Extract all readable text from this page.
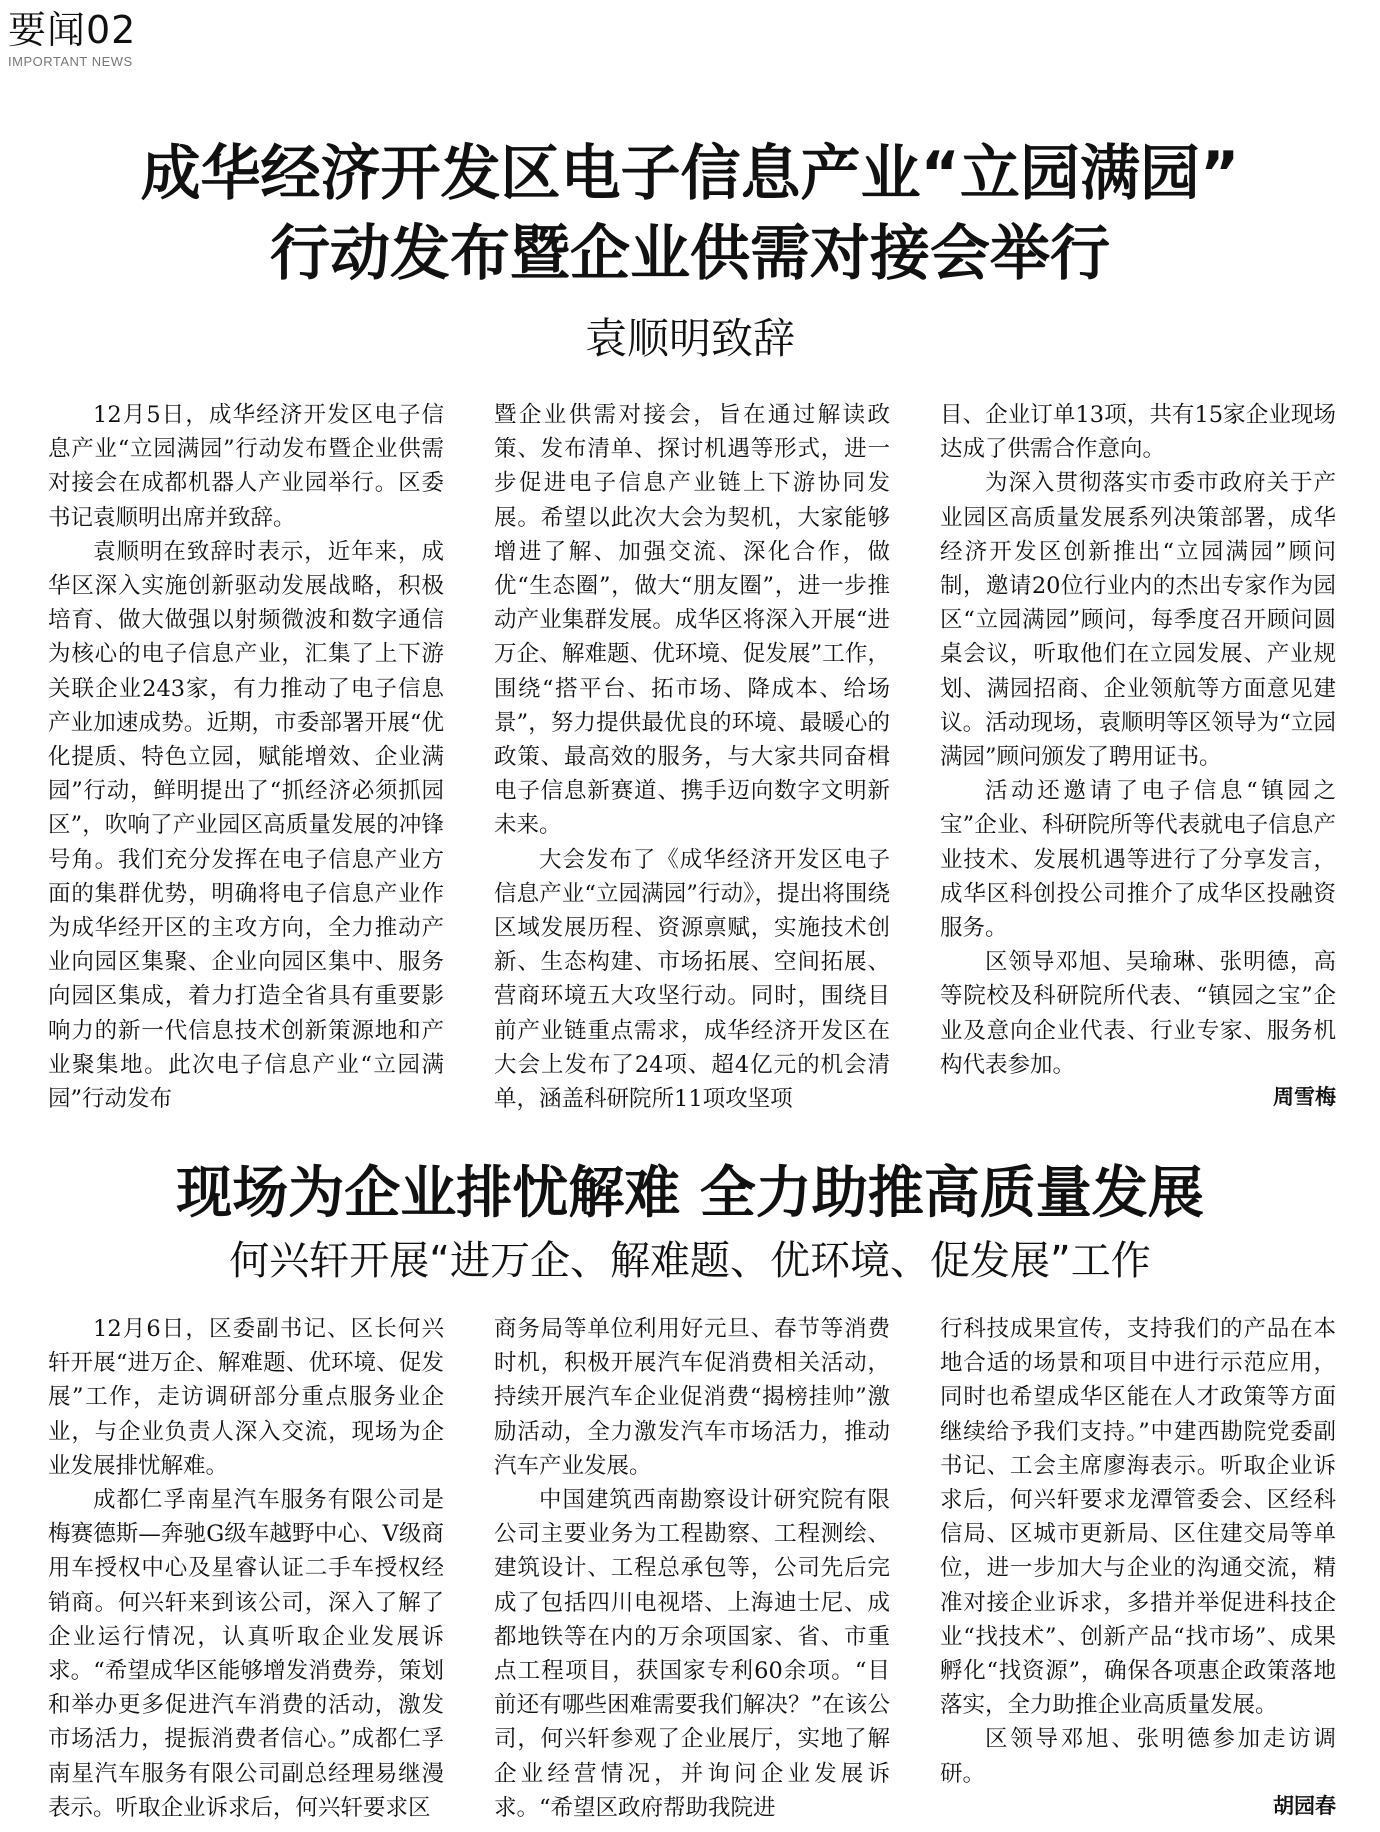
要闻02
IMPORTANT NEWS
成华经济开发区电子信息产业“立园满园”
行动发布暨企业供需对接会举行
袁顺明致辞

12月5日，成华经济开发区电子信息产业“立园满园”行动发布暨企业供需对接会在成都机器人产业园举行。区委书记袁顺明出席并致辞。

袁顺明在致辞时表示，近年来，成华区深入实施创新驱动发展战略，积极培育、做大做强以射频微波和数字通信为核心的电子信息产业，汇集了上下游关联企业243家，有力推动了电子信息产业加速成势。近期，市委部署开展“优化提质、特色立园，赋能增效、企业满园”行动，鲜明提出了“抓经济必须抓园区”，吹响了产业园区高质量发展的冲锋号角。我们充分发挥在电子信息产业方面的集群优势，明确将电子信息产业作为成华经开区的主攻方向，全力推动产业向园区集聚、企业向园区集中、服务向园区集成，着力打造全省具有重要影响力的新一代信息技术创新策源地和产业聚集地。此次电子信息产业“立园满园”行动发布

暨企业供需对接会，旨在通过解读政策、发布清单、探讨机遇等形式，进一步促进电子信息产业链上下游协同发展。希望以此次大会为契机，大家能够增进了解、加强交流、深化合作，做优“生态圈”，做大“朋友圈”，进一步推动产业集群发展。成华区将深入开展“进万企、解难题、优环境、促发展”工作，围绕“搭平台、拓市场、降成本、给场景”，努力提供最优良的环境、最暖心的政策、最高效的服务，与大家共同奋楫电子信息新赛道、携手迈向数字文明新未来。

大会发布了《成华经济开发区电子信息产业“立园满园”行动》，提出将围绕区域发展历程、资源禀赋，实施技术创新、生态构建、市场拓展、空间拓展、营商环境五大攻坚行动。同时，围绕目前产业链重点需求，成华经济开发区在大会上发布了24项、超4亿元的机会清单，涵盖科研院所11项攻坚项

目、企业订单13项，共有15家企业现场达成了供需合作意向。

为深入贯彻落实市委市政府关于产业园区高质量发展系列决策部署，成华经济开发区创新推出“立园满园”顾问制，邀请20位行业内的杰出专家作为园区“立园满园”顾问，每季度召开顾问圆桌会议，听取他们在立园发展、产业规划、满园招商、企业领航等方面意见建议。活动现场，袁顺明等区领导为“立园满园”顾问颁发了聘用证书。

活动还邀请了电子信息“镇园之宝”企业、科研院所等代表就电子信息产业技术、发展机遇等进行了分享发言，成华区科创投公司推介了成华区投融资服务。

区领导邓旭、吴瑜琳、张明德，高等院校及科研院所代表、“镇园之宝”企业及意向企业代表、行业专家、服务机构代表参加。

周雪梅
现场为企业排忧解难 全力助推高质量发展
何兴轩开展“进万企、解难题、优环境、促发展”工作

12月6日，区委副书记、区长何兴轩开展“进万企、解难题、优环境、促发展”工作，走访调研部分重点服务业企业，与企业负责人深入交流，现场为企业发展排忧解难。

成都仁孚南星汽车服务有限公司是梅赛德斯—奔驰G级车越野中心、V级商用车授权中心及星睿认证二手车授权经销商。何兴轩来到该公司，深入了解了企业运行情况，认真听取企业发展诉求。“希望成华区能够增发消费券，策划和举办更多促进汽车消费的活动，激发市场活力，提振消费者信心。”成都仁孚南星汽车服务有限公司副总经理易继漫表示。听取企业诉求后，何兴轩要求区

商务局等单位利用好元旦、春节等消费时机，积极开展汽车促消费相关活动，持续开展汽车企业促消费“揭榜挂帅”激励活动，全力激发汽车市场活力，推动汽车产业发展。

中国建筑西南勘察设计研究院有限公司主要业务为工程勘察、工程测绘、建筑设计、工程总承包等，公司先后完成了包括四川电视塔、上海迪士尼、成都地铁等在内的万余项国家、省、市重点工程项目，获国家专利60余项。“目前还有哪些困难需要我们解决？”在该公司，何兴轩参观了企业展厅，实地了解企业经营情况，并询问企业发展诉求。“希望区政府帮助我院进

行科技成果宣传，支持我们的产品在本地合适的场景和项目中进行示范应用，同时也希望成华区能在人才政策等方面继续给予我们支持。”中建西勘院党委副书记、工会主席廖海表示。听取企业诉求后，何兴轩要求龙潭管委会、区经科信局、区城市更新局、区住建交局等单位，进一步加大与企业的沟通交流，精准对接企业诉求，多措并举促进科技企业“找技术”、创新产品“找市场”、成果孵化“找资源”，确保各项惠企政策落地落实，全力助推企业高质量发展。

区领导邓旭、张明德参加走访调研。

胡园春
